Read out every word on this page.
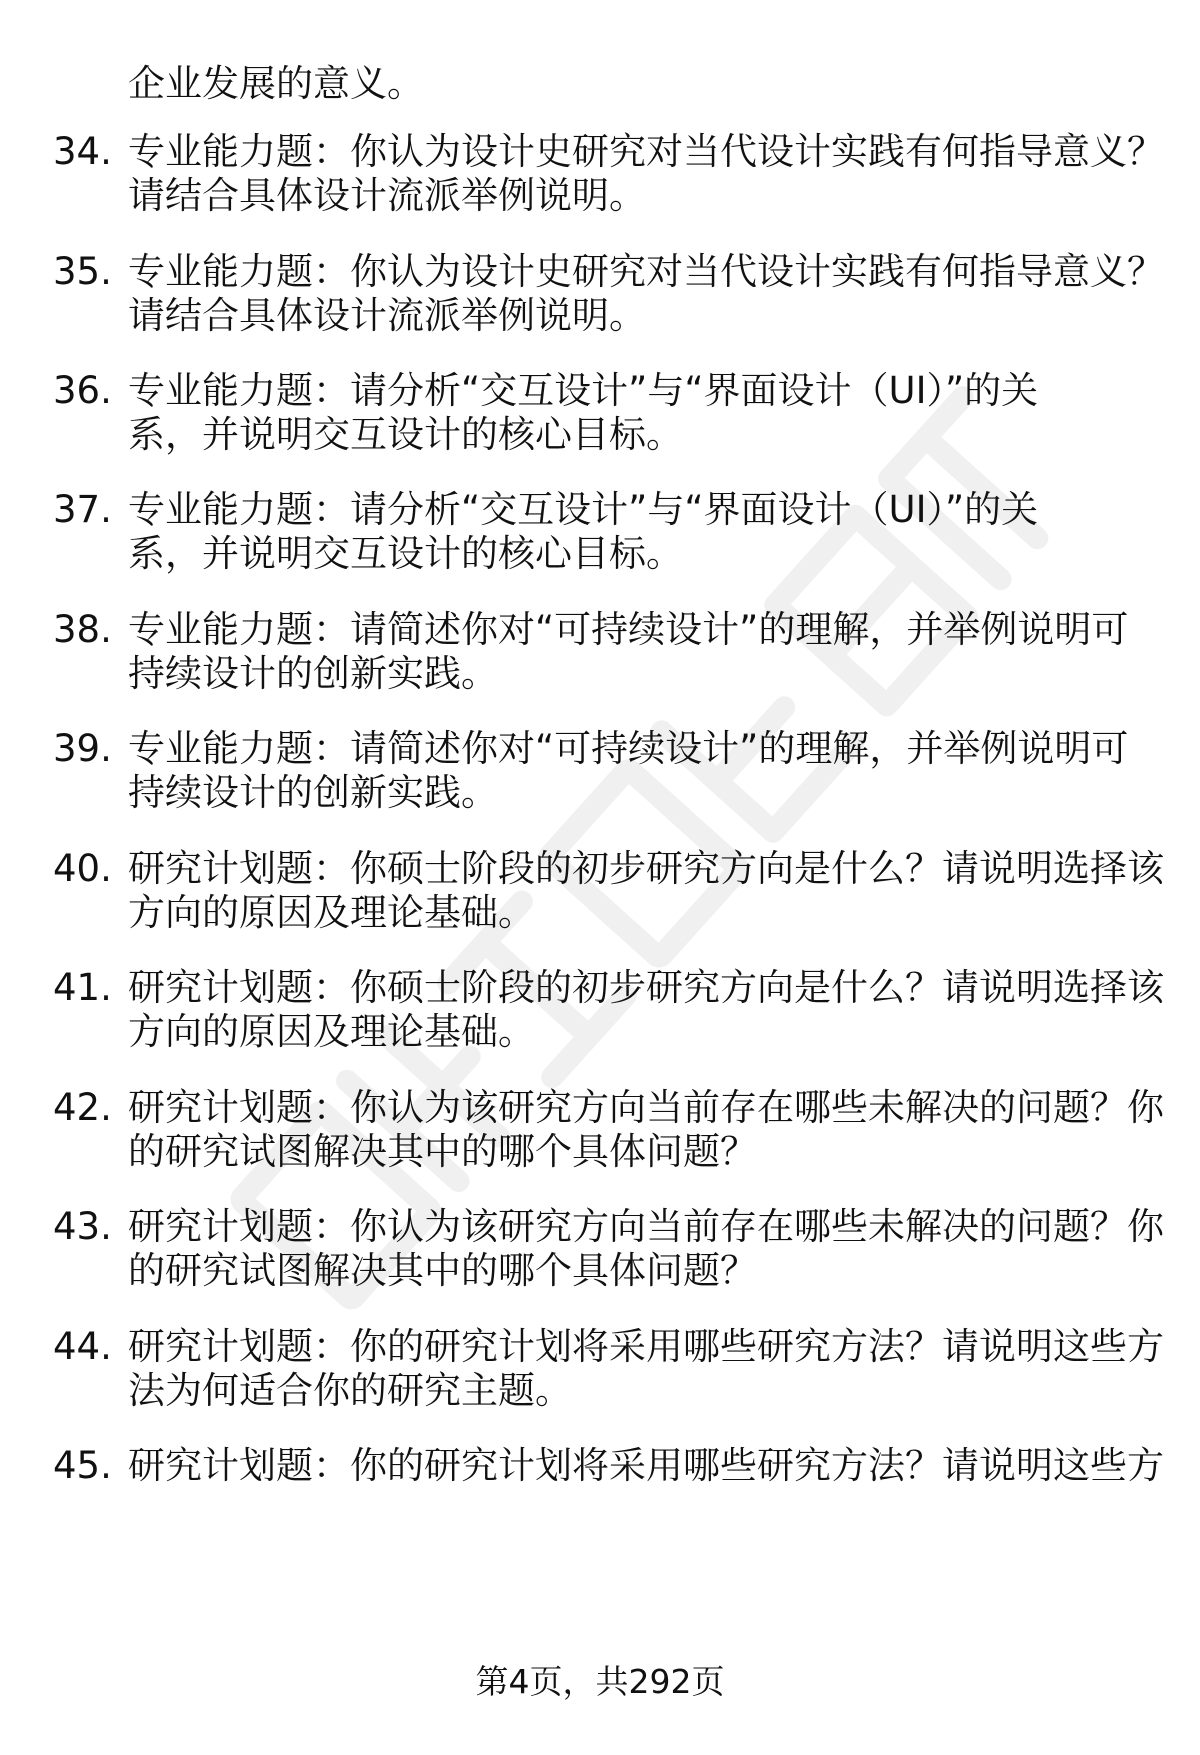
企业发展的意义。
34. 专业能力题：你认为设计史研究对当代设计实践有何指导意义？
请结合具体设计流派举例说明。
35. 专业能力题：你认为设计史研究对当代设计实践有何指导意义？
请结合具体设计流派举例说明。
36. 专业能力题：请分析“交互设计”与“界面设计（UI）”的关
系，并说明交互设计的核心目标。
37. 专业能力题：请分析“交互设计”与“界面设计（UI）”的关
系，并说明交互设计的核心目标。
38. 专业能力题：请简述你对“可持续设计”的理解，并举例说明可
持续设计的创新实践。
39. 专业能力题：请简述你对“可持续设计”的理解，并举例说明可
持续设计的创新实践。
40. 研究计划题：你硕士阶段的初步研究方向是什么？请说明选择该
方向的原因及理论基础。
41. 研究计划题：你硕士阶段的初步研究方向是什么？请说明选择该
方向的原因及理论基础。
42. 研究计划题：你认为该研究方向当前存在哪些未解决的问题？你
的研究试图解决其中的哪个具体问题？
43. 研究计划题：你认为该研究方向当前存在哪些未解决的问题？你
的研究试图解决其中的哪个具体问题？
44. 研究计划题：你的研究计划将采用哪些研究方法？请说明这些方
法为何适合你的研究主题。
45. 研究计划题：你的研究计划将采用哪些研究方法？请说明这些方
第4页，共292页
